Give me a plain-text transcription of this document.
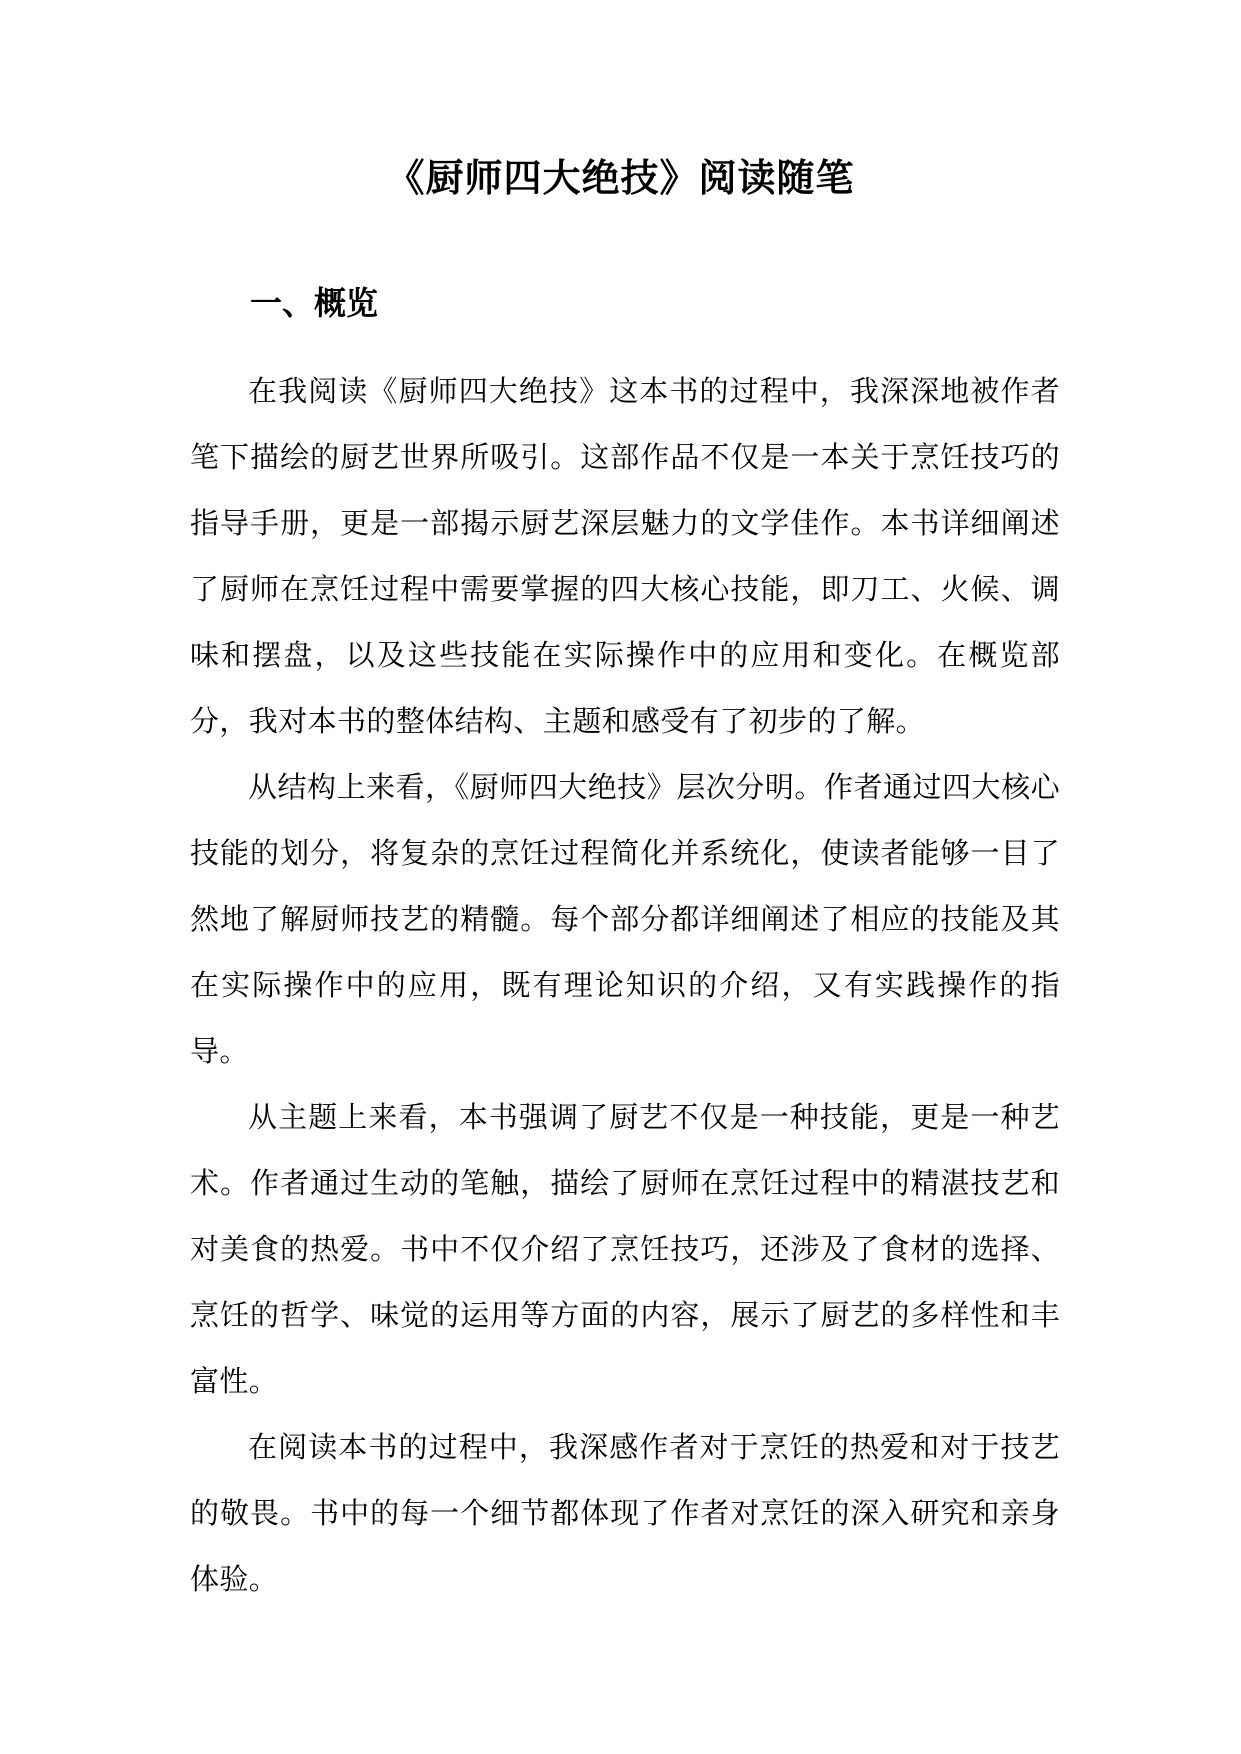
《厨师四大绝技》阅读随笔
一、概览

在我阅读《厨师四大绝技》这本书的过程中，我深深地被作者笔下描绘的厨艺世界所吸引。这部作品不仅是一本关于烹饪技巧的指导手册，更是一部揭示厨艺深层魅力的文学佳作。本书详细阐述了厨师在烹饪过程中需要掌握的四大核心技能，即刀工、火候、调味和摆盘，以及这些技能在实际操作中的应用和变化。在概览部分，我对本书的整体结构、主题和感受有了初步的了解。

从结构上来看，《厨师四大绝技》层次分明。作者通过四大核心技能的划分，将复杂的烹饪过程简化并系统化，使读者能够一目了然地了解厨师技艺的精髓。每个部分都详细阐述了相应的技能及其在实际操作中的应用，既有理论知识的介绍，又有实践操作的指导。

从主题上来看，本书强调了厨艺不仅是一种技能，更是一种艺术。作者通过生动的笔触，描绘了厨师在烹饪过程中的精湛技艺和对美食的热爱。书中不仅介绍了烹饪技巧，还涉及了食材的选择、烹饪的哲学、味觉的运用等方面的内容，展示了厨艺的多样性和丰富性。

在阅读本书的过程中，我深感作者对于烹饪的热爱和对于技艺的敬畏。书中的每一个细节都体现了作者对烹饪的深入研究和亲身体验。
